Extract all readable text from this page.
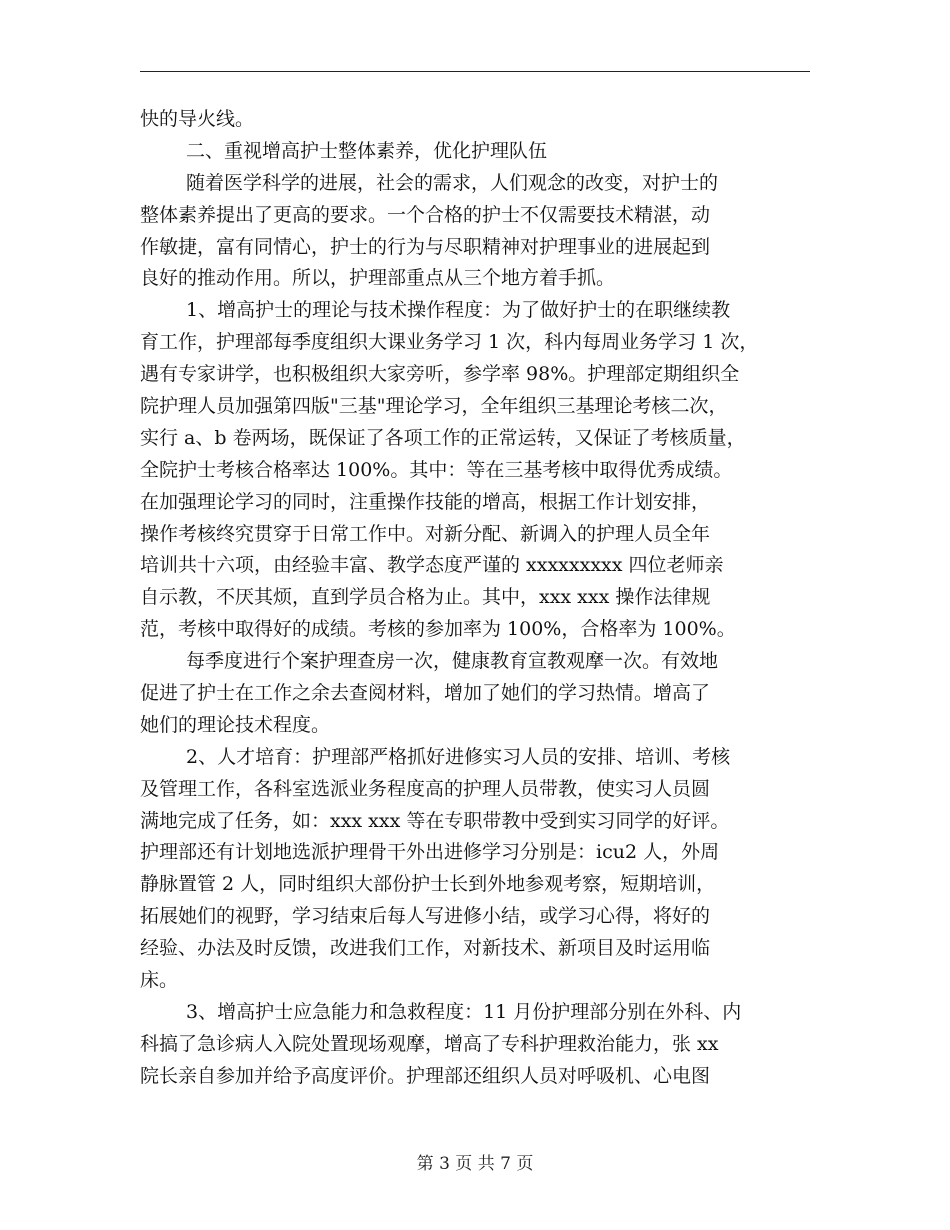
快的导火线。
二、重视增高护士整体素养，优化护理队伍
随着医学科学的进展，社会的需求，人们观念的改变，对护士的
整体素养提出了更高的要求。一个合格的护士不仅需要技术精湛，动
作敏捷，富有同情心，护士的行为与尽职精神对护理事业的进展起到
良好的推动作用。所以，护理部重点从三个地方着手抓。
1、增高护士的理论与技术操作程度：为了做好护士的在职继续教
育工作，护理部每季度组织大课业务学习 1 次，科内每周业务学习 1 次，
遇有专家讲学，也积极组织大家旁听，参学率 98%。护理部定期组织全
院护理人员加强第四版"三基"理论学习，全年组织三基理论考核二次，
实行 a、b 卷两场，既保证了各项工作的正常运转，又保证了考核质量，
全院护士考核合格率达 100%。其中：等在三基考核中取得优秀成绩。
在加强理论学习的同时，注重操作技能的增高，根据工作计划安排，
操作考核终究贯穿于日常工作中。对新分配、新调入的护理人员全年
培训共十六项，由经验丰富、教学态度严谨的 xxxxxxxxx 四位老师亲
自示教，不厌其烦，直到学员合格为止。其中，xxx xxx 操作法律规
范，考核中取得好的成绩。考核的参加率为 100%，合格率为 100%。
每季度进行个案护理查房一次，健康教育宣教观摩一次。有效地
促进了护士在工作之余去查阅材料，增加了她们的学习热情。增高了
她们的理论技术程度。
2、人才培育：护理部严格抓好进修实习人员的安排、培训、考核
及管理工作，各科室选派业务程度高的护理人员带教，使实习人员圆
满地完成了任务，如：xxx xxx 等在专职带教中受到实习同学的好评。
护理部还有计划地选派护理骨干外出进修学习分别是：icu2 人，外周
静脉置管 2 人，同时组织大部份护士长到外地参观考察，短期培训，
拓展她们的视野，学习结束后每人写进修小结，或学习心得，将好的
经验、办法及时反馈，改进我们工作，对新技术、新项目及时运用临
床。
3、增高护士应急能力和急救程度：11 月份护理部分别在外科、内
科搞了急诊病人入院处置现场观摩，增高了专科护理救治能力，张 xx
院长亲自参加并给予高度评价。护理部还组织人员对呼吸机、心电图
第 3 页 共 7 页
